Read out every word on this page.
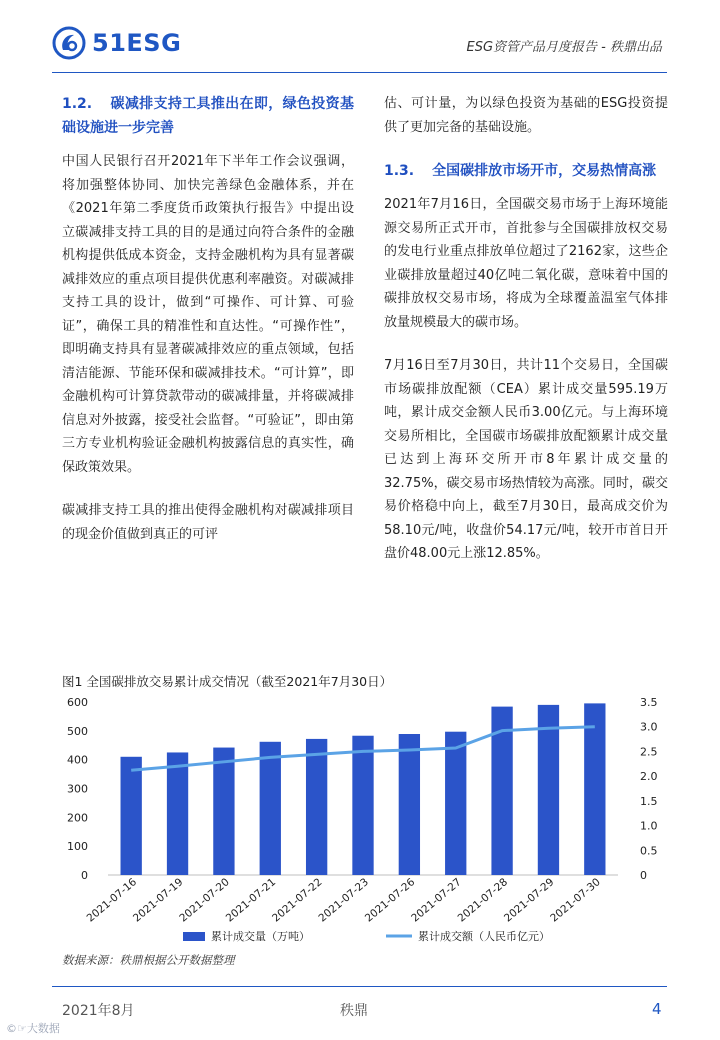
51ESG	ESG资管产品月度报告 - 秩鼎出品
1.2. 碳减排支持工具推出在即，绿色投资基础设施进一步完善

中国人民银行召开2021年下半年工作会议强调，将加强整体协同、加快完善绿色金融体系，并在《2021年第二季度货币政策执行报告》中提出设立碳减排支持工具的目的是通过向符合条件的金融机构提供低成本资金，支持金融机构为具有显著碳减排效应的重点项目提供优惠利率融资。对碳减排支持工具的设计，做到“可操作、可计算、可验证”，确保工具的精准性和直达性。“可操作性”，即明确支持具有显著碳减排效应的重点领域，包括清洁能源、节能环保和碳减排技术。“可计算”，即金融机构可计算贷款带动的碳减排量，并将碳减排信息对外披露，接受社会监督。“可验证”，即由第三方专业机构验证金融机构披露信息的真实性，确保政策效果。

碳减排支持工具的推出使得金融机构对碳减排项目的现金价值做到真正的可评

估、可计量，为以绿色投资为基础的ESG投资提供了更加完备的基础设施。

1.3. 全国碳排放市场开市，交易热情高涨

2021年7月16日，全国碳交易市场于上海环境能源交易所正式开市，首批参与全国碳排放权交易的发电行业重点排放单位超过了2162家，这些企业碳排放量超过40亿吨二氧化碳，意味着中国的碳排放权交易市场，将成为全球覆盖温室气体排放量规模最大的碳市场。

7月16日至7月30日，共计11个交易日，全国碳市场碳排放配额（CEA）累计成交量595.19万吨，累计成交金额人民币3.00亿元。与上海环境交易所相比，全国碳市场碳排放配额累计成交量已达到上海环交所开市8年累计成交量的32.75%，碳交易市场热情较为高涨。同时，碳交易价格稳中向上，截至7月30日，最高成交价为58.10元/吨，收盘价54.17元/吨，较开市首日开盘价48.00元上涨12.85%。

图1 全国碳排放交易累计成交情况（截至2021年7月30日）
0
100
200
300
400
500
600
0
0.5
1.0
1.5
2.0
2.5
3.0
3.5
2021-07-16
2021-07-19
2021-07-20
2021-07-21
2021-07-22
2021-07-23
2021-07-26
2021-07-27
2021-07-28
2021-07-29
2021-07-30
累计成交量（万吨）	累计成交额（人民币亿元）
数据来源：秩鼎根据公开数据整理
2021年8月	秩鼎	4
©☞大数据
